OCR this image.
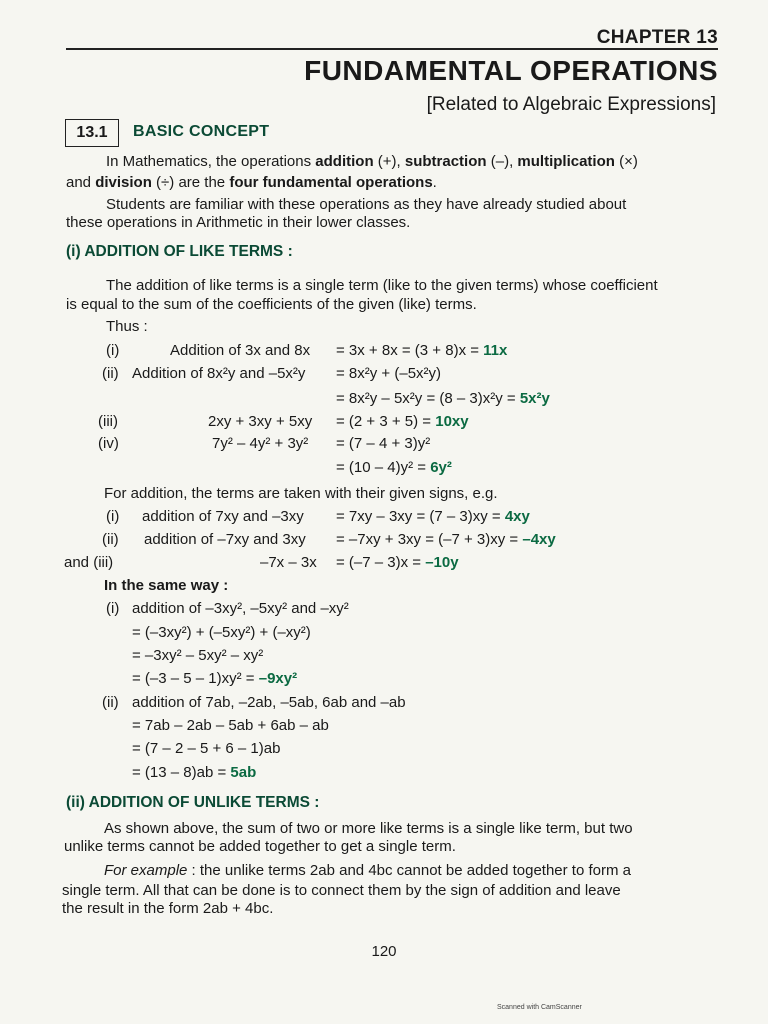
CHAPTER 13
FUNDAMENTAL OPERATIONS
[Related to Algebraic Expressions]
13.1 BASIC CONCEPT
In Mathematics, the operations addition (+), subtraction (–), multiplication (×)
and division (÷) are the four fundamental operations.
Students are familiar with these operations as they have already studied about
these operations in Arithmetic in their lower classes.
(i) ADDITION OF LIKE TERMS :
The addition of like terms is a single term (like to the given terms) whose coefficient
is equal to the sum of the coefficients of the given (like) terms.
Thus :
(i)	Addition of 3x and 8x = 3x + 8x = (3 + 8)x = 11x
(ii) Addition of 8x²y and –5x²y = 8x²y + (–5x²y)
= 8x²y – 5x²y = (8 – 3)x²y = 5x²y
(iii)	2xy + 3xy + 5xy = (2 + 3 + 5) = 10xy
(iv)	7y² – 4y² + 3y² = (7 – 4 + 3)y²
= (10 – 4)y² = 6y²
For addition, the terms are taken with their given signs, e.g.
(i) addition of 7xy and –3xy = 7xy – 3xy = (7 – 3)xy = 4xy
(ii) addition of –7xy and 3xy = –7xy + 3xy = (–7 + 3)xy = –4xy
and (iii)	–7x – 3x = (–7 – 3)x = –10y
In the same way :
(i) addition of –3xy², –5xy² and –xy²
= (–3xy²) + (–5xy²) + (–xy²)
= –3xy² – 5xy² – xy²
= (–3 – 5 – 1)xy² = –9xy²
(ii) addition of 7ab, –2ab, –5ab, 6ab and –ab
= 7ab – 2ab – 5ab + 6ab – ab
= (7 – 2 – 5 + 6 – 1)ab
= (13 – 8)ab = 5ab
(ii) ADDITION OF UNLIKE TERMS :
As shown above, the sum of two or more like terms is a single like term, but two
unlike terms cannot be added together to get a single term.
For example : the unlike terms 2ab and 4bc cannot be added together to form a
single term. All that can be done is to connect them by the sign of addition and leave
the result in the form 2ab + 4bc.
120
Scanned with CamScanner
